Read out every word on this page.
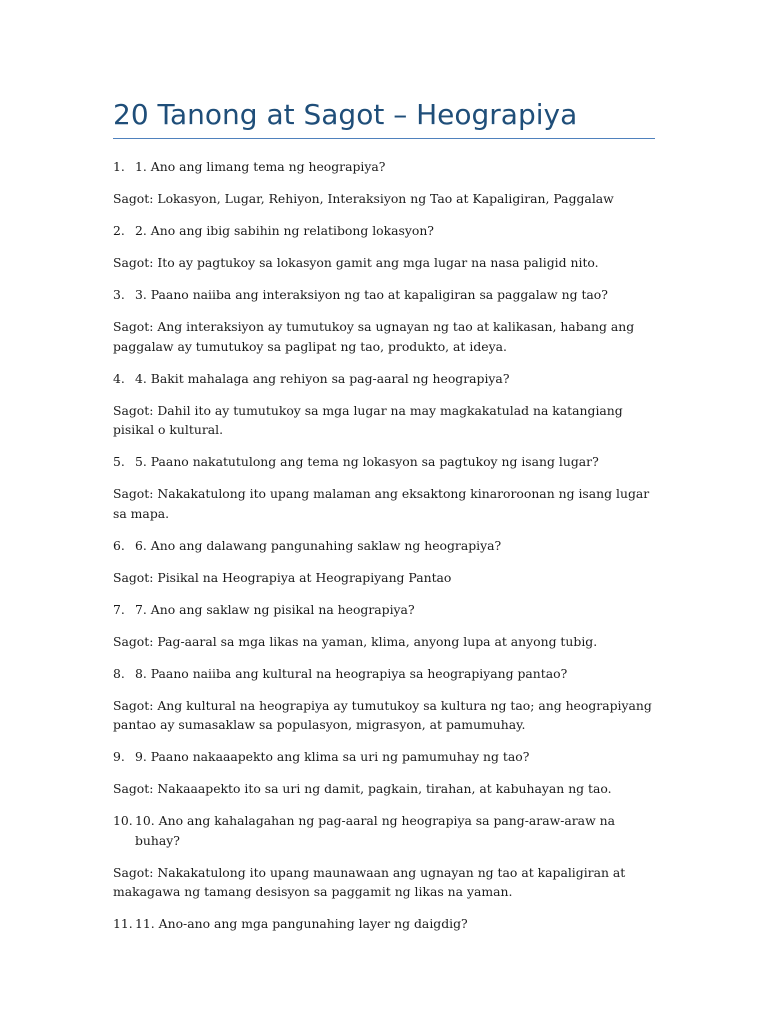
20 Tanong at Sagot – Heograpiya
1. 1. Ano ang limang tema ng heograpiya?
Sagot: Lokasyon, Lugar, Rehiyon, Interaksiyon ng Tao at Kapaligiran, Paggalaw
2. 2. Ano ang ibig sabihin ng relatibong lokasyon?
Sagot: Ito ay pagtukoy sa lokasyon gamit ang mga lugar na nasa paligid nito.
3. 3. Paano naiiba ang interaksiyon ng tao at kapaligiran sa paggalaw ng tao?
Sagot: Ang interaksiyon ay tumutukoy sa ugnayan ng tao at kalikasan, habang ang paggalaw ay tumutukoy sa paglipat ng tao, produkto, at ideya.
4. 4. Bakit mahalaga ang rehiyon sa pag-aaral ng heograpiya?
Sagot: Dahil ito ay tumutukoy sa mga lugar na may magkakatulad na katangiang pisikal o kultural.
5. 5. Paano nakatutulong ang tema ng lokasyon sa pagtukoy ng isang lugar?
Sagot: Nakakatulong ito upang malaman ang eksaktong kinaroroonan ng isang lugar sa mapa.
6. 6. Ano ang dalawang pangunahing saklaw ng heograpiya?
Sagot: Pisikal na Heograpiya at Heograpiyang Pantao
7. 7. Ano ang saklaw ng pisikal na heograpiya?
Sagot: Pag-aaral sa mga likas na yaman, klima, anyong lupa at anyong tubig.
8. 8. Paano naiiba ang kultural na heograpiya sa heograpiyang pantao?
Sagot: Ang kultural na heograpiya ay tumutukoy sa kultura ng tao; ang heograpiyang pantao ay sumasaklaw sa populasyon, migrasyon, at pamumuhay.
9. 9. Paano nakaaapekto ang klima sa uri ng pamumuhay ng tao?
Sagot: Nakaaapekto ito sa uri ng damit, pagkain, tirahan, at kabuhayan ng tao.
10. 10. Ano ang kahalagahan ng pag-aaral ng heograpiya sa pang-araw-araw na buhay?
Sagot: Nakakatulong ito upang maunawaan ang ugnayan ng tao at kapaligiran at makagawa ng tamang desisyon sa paggamit ng likas na yaman.
11. 11. Ano-ano ang mga pangunahing layer ng daigdig?
